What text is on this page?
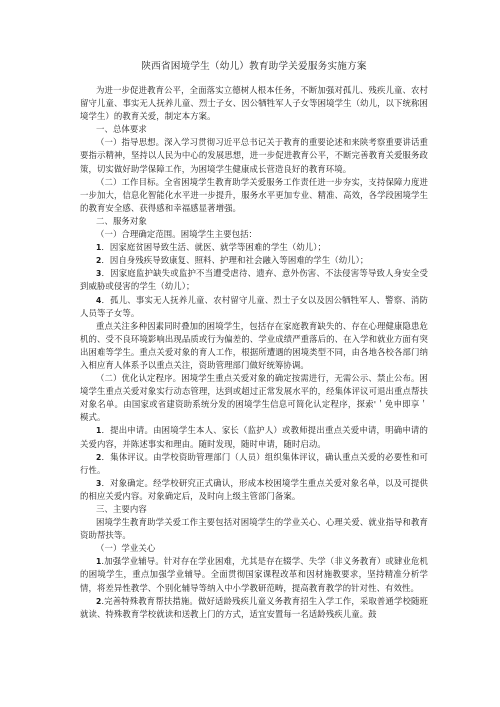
陕西省困境学生（幼儿）教育助学关爱服务实施方案

为进一步促进教育公平，全面落实立德树人根本任务，不断加强对孤儿、残疾儿童、农村留守儿童、事实无人抚养儿童、烈士子女、因公牺牲军人子女等困境学生（幼儿，以下统称困境学生）的教育关爱，制定本方案。

一、总体要求

（一）指导思想。深入学习贯彻习近平总书记关于教育的重要论述和来陕考察重要讲话重要指示精神，坚持以人民为中心的发展思想，进一步促进教育公平，不断完善教育关爱服务政策，切实做好助学保障工作，为困境学生健康成长营造良好的教育环境。

（二）工作目标。全省困境学生教育助学关爱服务工作责任进一步夯实，支持保障力度进一步加大，信息化智能化水平进一步提升，服务水平更加专业、精准、高效，各学段困境学生的教育安全感、获得感和幸福感显著增强。

二、服务对象

（一）合理确定范围。困境学生主要包括：

1．因家庭贫困导致生活、就医、就学等困难的学生（幼儿）；

2．因自身残疾导致康复、照料、护理和社会融入等困难的学生（幼儿）；

3．因家庭监护缺失或监护不当遭受虐待、遗弃、意外伤害、不法侵害等导致人身安全受到威胁或侵害的学生（幼儿）；

4．孤儿、事实无人抚养儿童、农村留守儿童、烈士子女以及因公牺牲军人、警察、消防人员等子女等。

重点关注多种因素同时叠加的困境学生，包括存在家庭教育缺失的、存在心理健康隐患危机的、受不良环境影响出现品质或行为偏差的、学业成绩严重落后的、在入学和就业方面有突出困难等学生。重点关爱对象的育人工作，根据所遭遇的困境类型不同，由各地各校各部门纳入相应育人体系予以重点关注，资助管理部门做好统筹协调。

（二）优化认定程序。困境学生重点关爱对象的确定按需进行，无需公示、禁止公布。困境学生重点关爱对象实行动态管理，达到或超过正常发展水平的，经集体评议可退出重点帮扶对象名单。由国家或省建资助系统分发的困境学生信息可简化认定程序，探索'＇免申即享＇模式。

1．提出申请。由困境学生本人、家长（监护人）或教师提出重点关爱申请，明确申请的关爱内容，并陈述事实和理由。随时发现，随时申请，随时启动。

2．集体评议。由学校资助管理部门（人员）组织集体评议，确认重点关爱的必要性和可行性。

3．对象确定。经学校研究正式确认，形成本校困境学生重点关爱对象名单，以及可提供的相应关爱内容。对象确定后，及时向上级主管部门备案。

三、主要内容

困境学生教育助学关爱工作主要包括对困境学生的学业关心、心理关爱、就业指导和教育资助帮扶等。

（一）学业关心

1.加强学业辅导。针对存在学业困难，尤其是存在辍学、失学（非义务教育）或肄业危机的困境学生，重点加强学业辅导。全面贯彻国家课程改革和因材施教要求，坚持精准分析学情，将差异性教学、个别化辅导等纳入中小学教研范畴，提高教育教学的针对性、有效性。

2.完善特殊教育帮扶措施。做好适龄残疾儿童义务教育招生入学工作，采取普通学校随班就读、特殊教育学校就读和送教上门的方式，适宜安置每一名适龄残疾儿童。鼓
